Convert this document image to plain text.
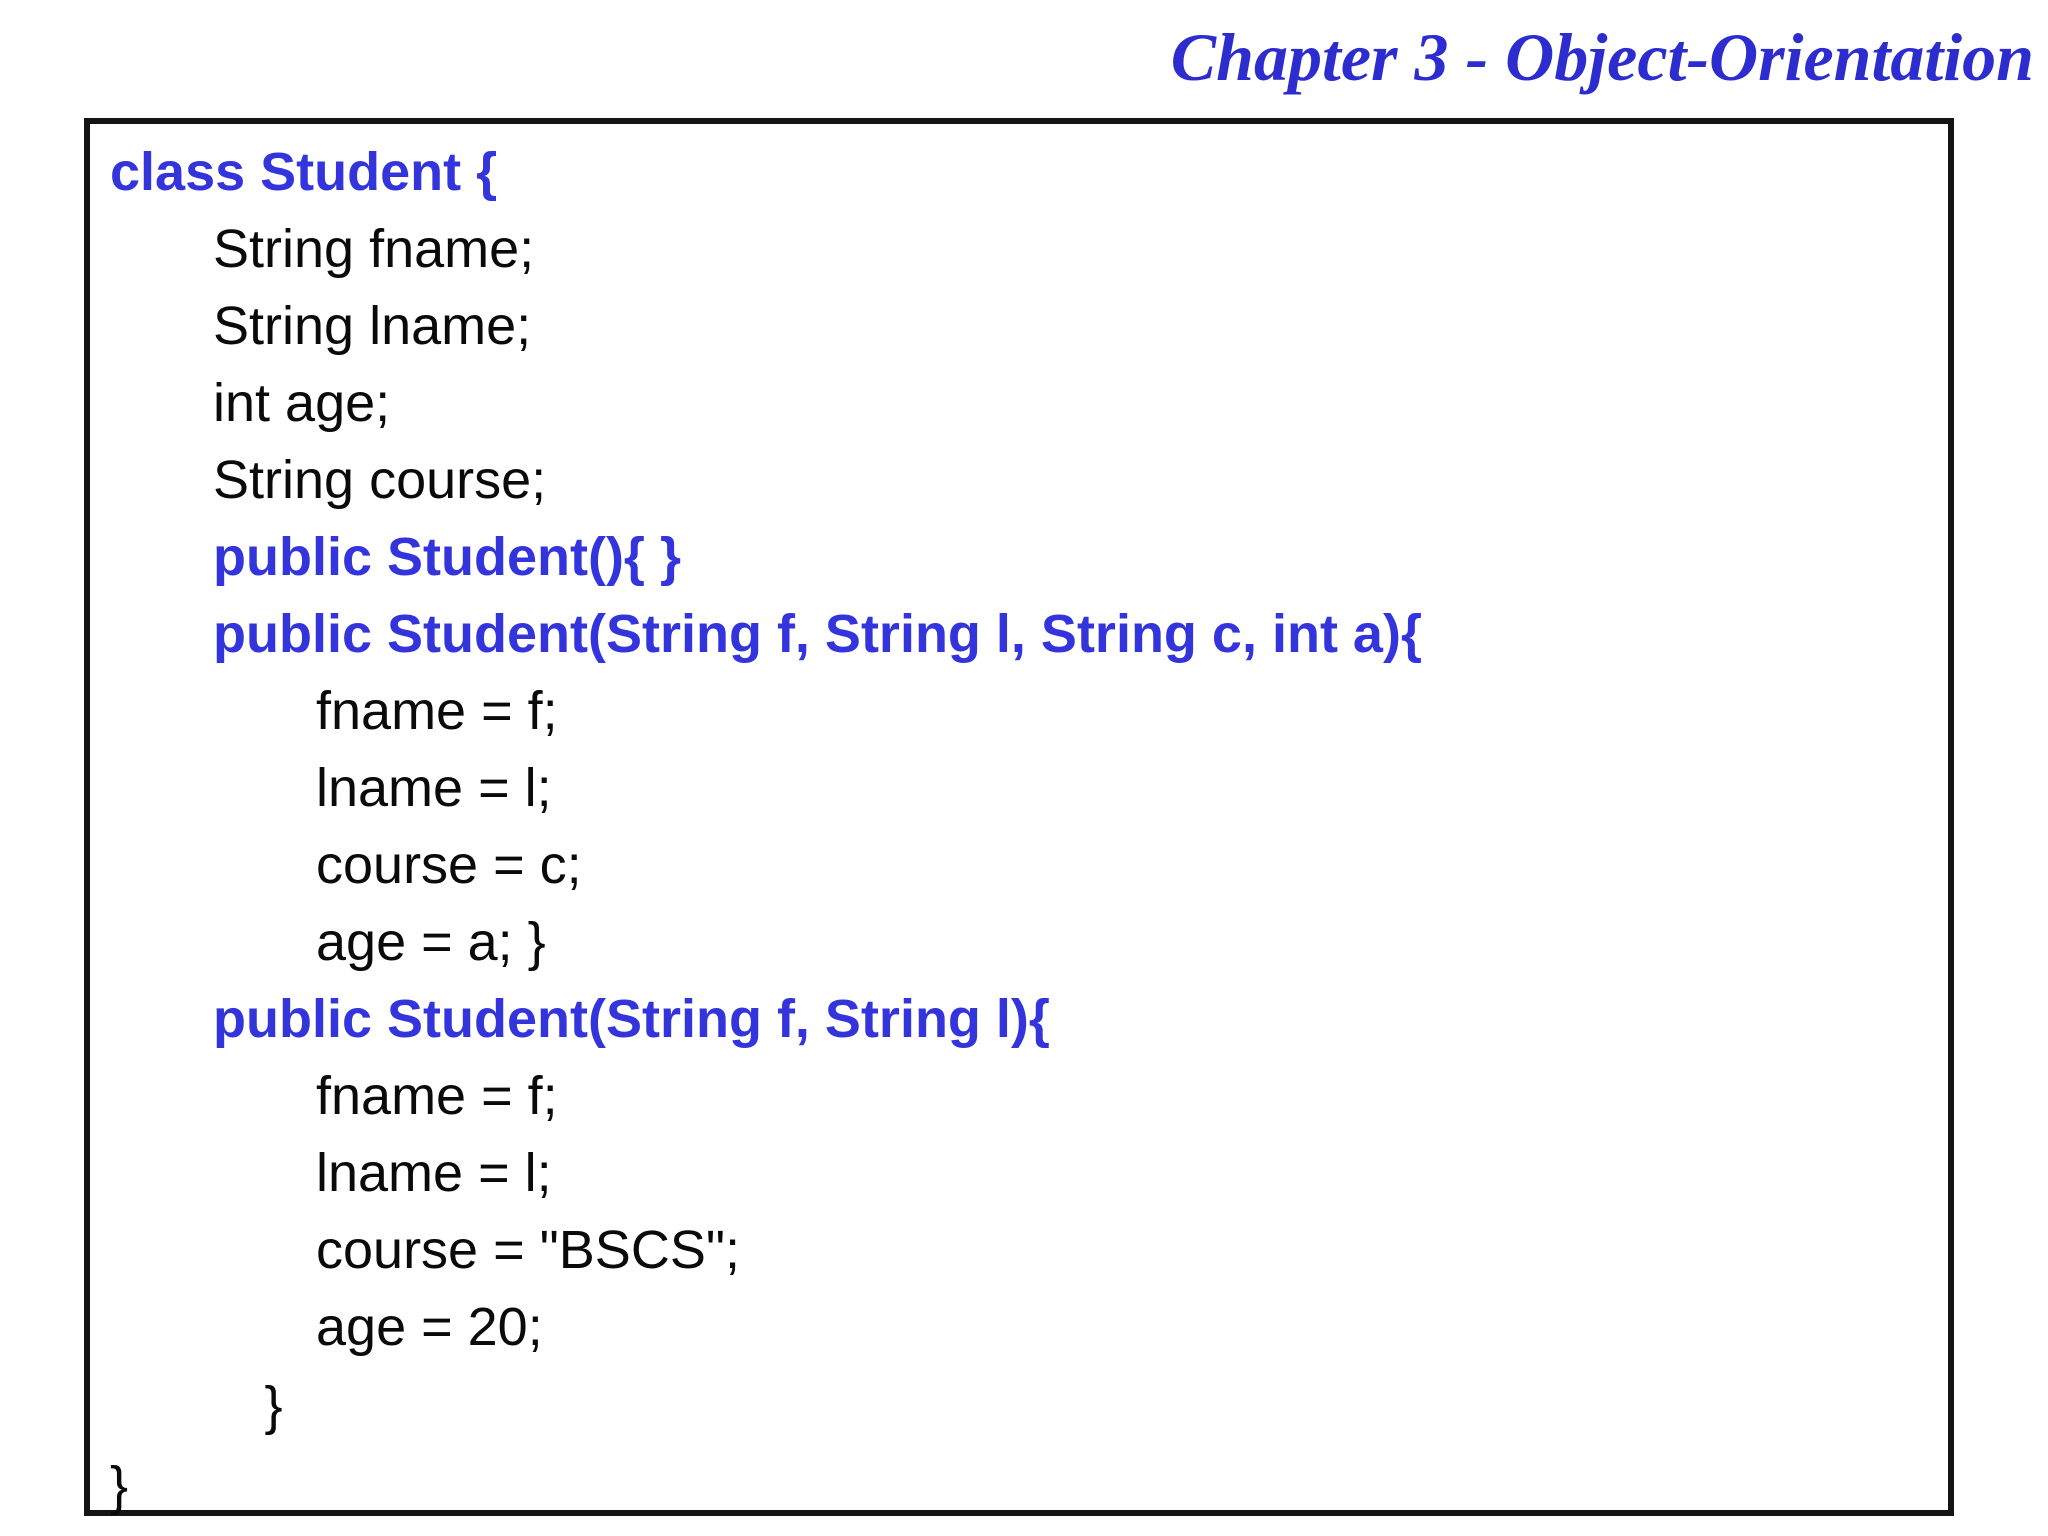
Chapter 3 - Object-Orientation
class Student {
String fname;
String lname;
int age;
String course;
public Student(){ }
public Student(String f, String l, String c, int a){
fname = f;
lname = l;
course = c;
age = a; }
public Student(String f, String l){
fname = f;
lname = l;
course = "BSCS";
age = 20;
}
}
